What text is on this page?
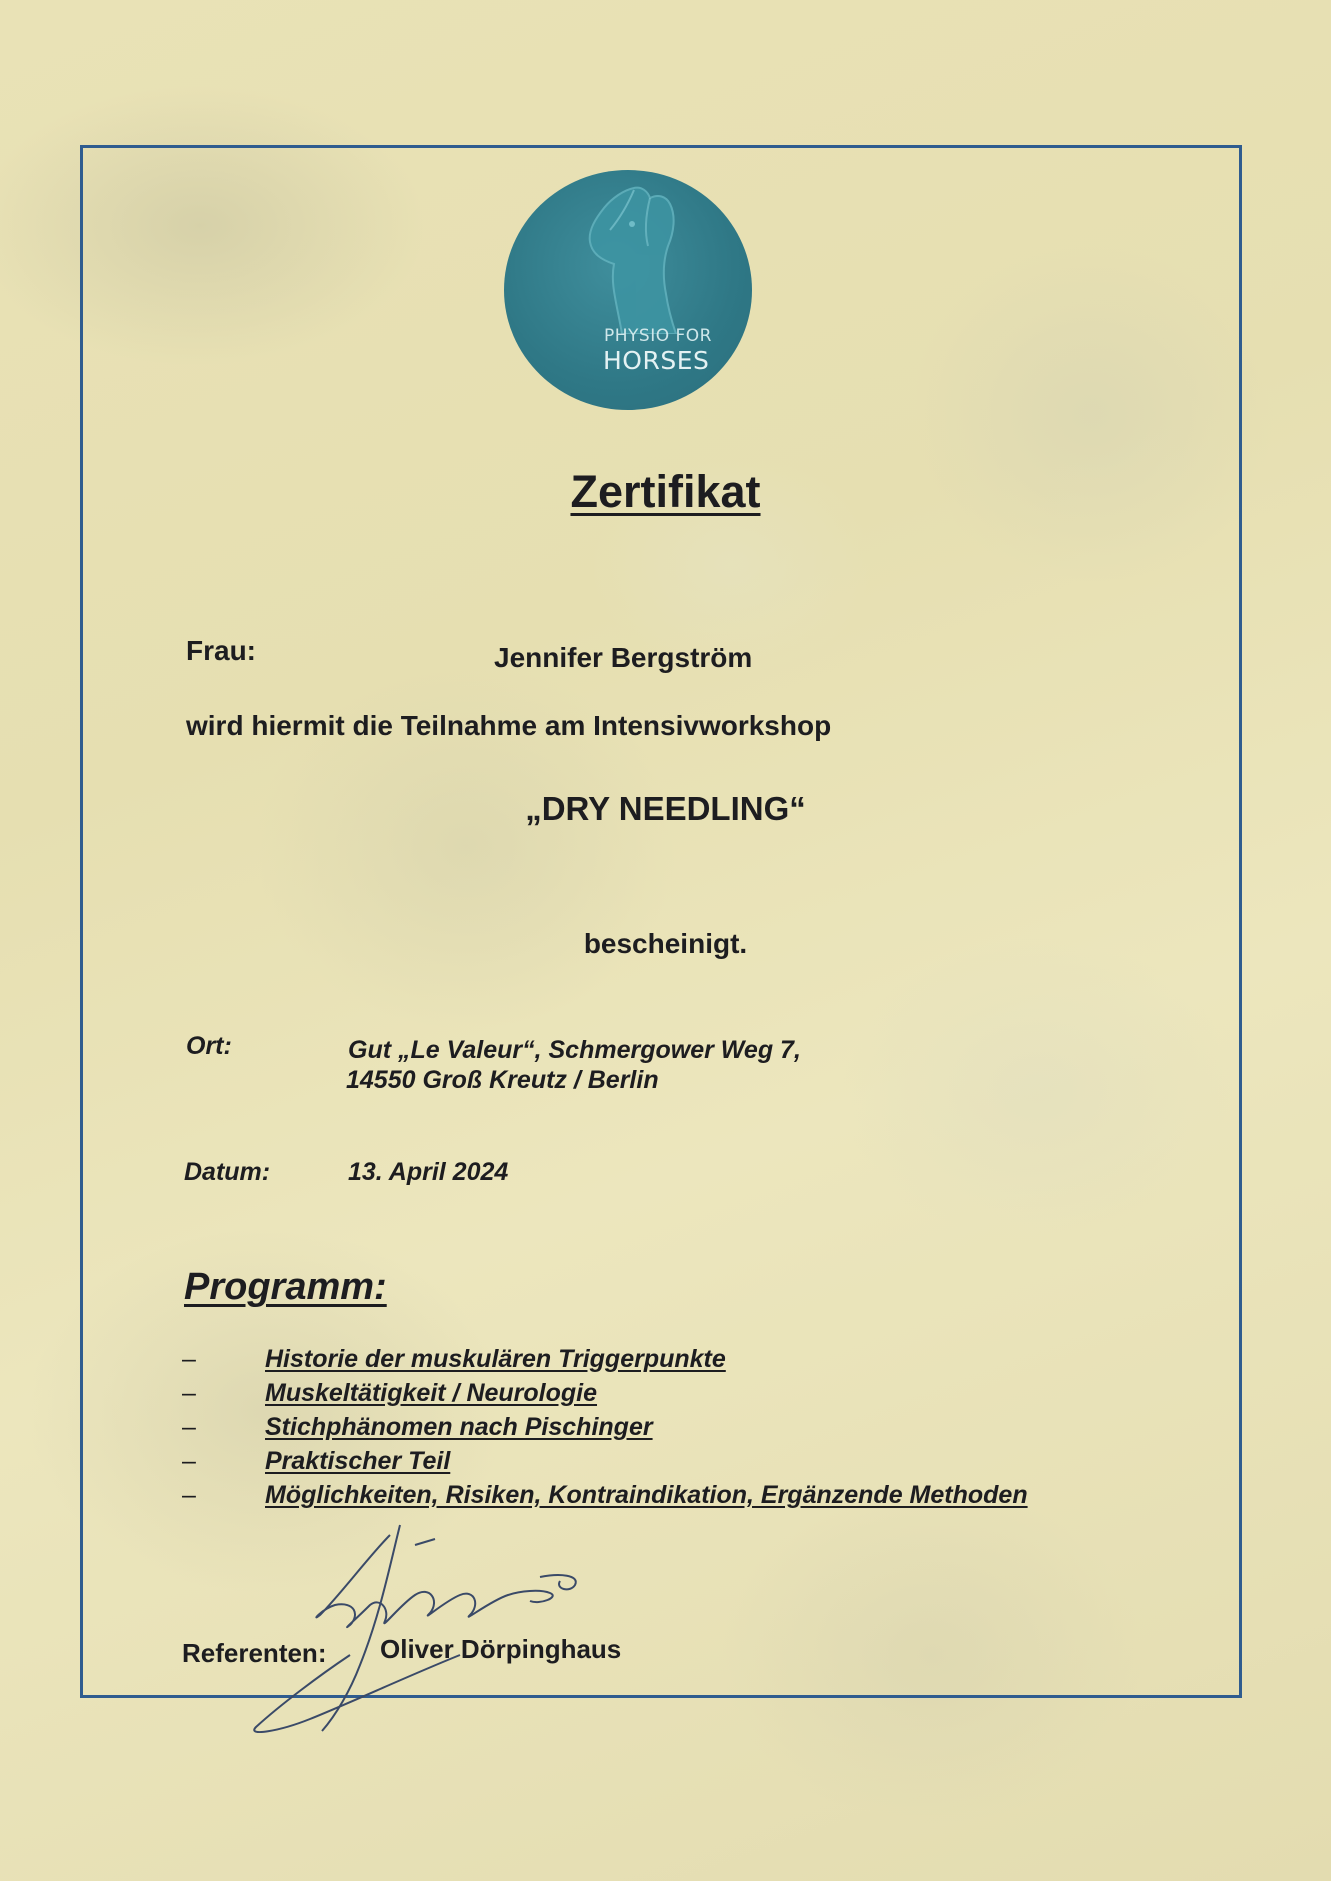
PHYSIO FOR
HORSES
Zertifikat
Frau:	Jennifer Bergström
wird hiermit die Teilnahme am Intensivworkshop
„DRY NEEDLING“
bescheinigt.
Ort:	Gut „Le Valeur“, Schmergower Weg 7,
14550 Groß Kreutz / Berlin
Datum:	13. April 2024
Programm:
–	Historie der muskulären Triggerpunkte
–	Muskeltätigkeit / Neurologie
–	Stichphänomen nach Pischinger
–	Praktischer Teil
–	Möglichkeiten, Risiken, Kontraindikation, Ergänzende Methoden
Referenten: Oliver Dörpinghaus
